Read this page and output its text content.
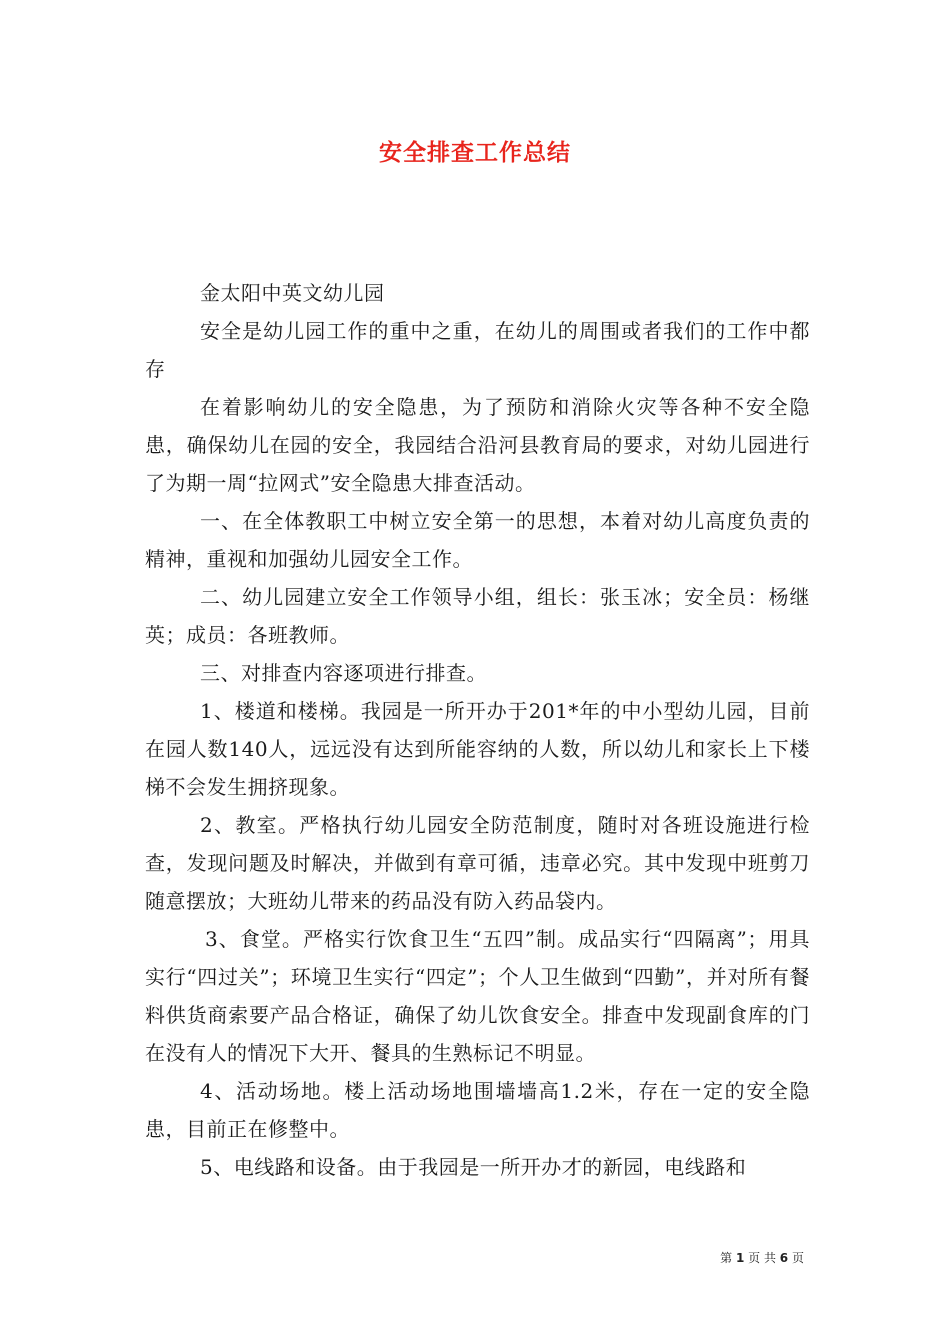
安全排查工作总结

金太阳中英文幼儿园

安全是幼儿园工作的重中之重，在幼儿的周围或者我们的工作中都存

在着影响幼儿的安全隐患，为了预防和消除火灾等各种不安全隐患，确保幼儿在园的安全，我园结合沿河县教育局的要求，对幼儿园进行了为期一周“拉网式”安全隐患大排查活动。

一、在全体教职工中树立安全第一的思想，本着对幼儿高度负责的精神，重视和加强幼儿园安全工作。

二、幼儿园建立安全工作领导小组，组长：张玉冰；安全员：杨继英；成员：各班教师。

三、对排查内容逐项进行排查。

1、楼道和楼梯。我园是一所开办于201*年的中小型幼儿园，目前在园人数140人，远远没有达到所能容纳的人数，所以幼儿和家长上下楼梯不会发生拥挤现象。

2、教室。严格执行幼儿园安全防范制度，随时对各班设施进行检查，发现问题及时解决，并做到有章可循，违章必究。其中发现中班剪刀随意摆放；大班幼儿带来的药品没有防入药品袋内。

3、食堂。严格实行饮食卫生“五四”制。成品实行“四隔离”；用具实行“四过关”；环境卫生实行“四定”；个人卫生做到“四勤”，并对所有餐料供货商索要产品合格证，确保了幼儿饮食安全。排查中发现副食库的门在没有人的情况下大开、餐具的生熟标记不明显。

4、活动场地。楼上活动场地围墙墙高1.2米，存在一定的安全隐患，目前正在修整中。

5、电线路和设备。由于我园是一所开办才的新园，电线路和

第 1 页 共 6 页
